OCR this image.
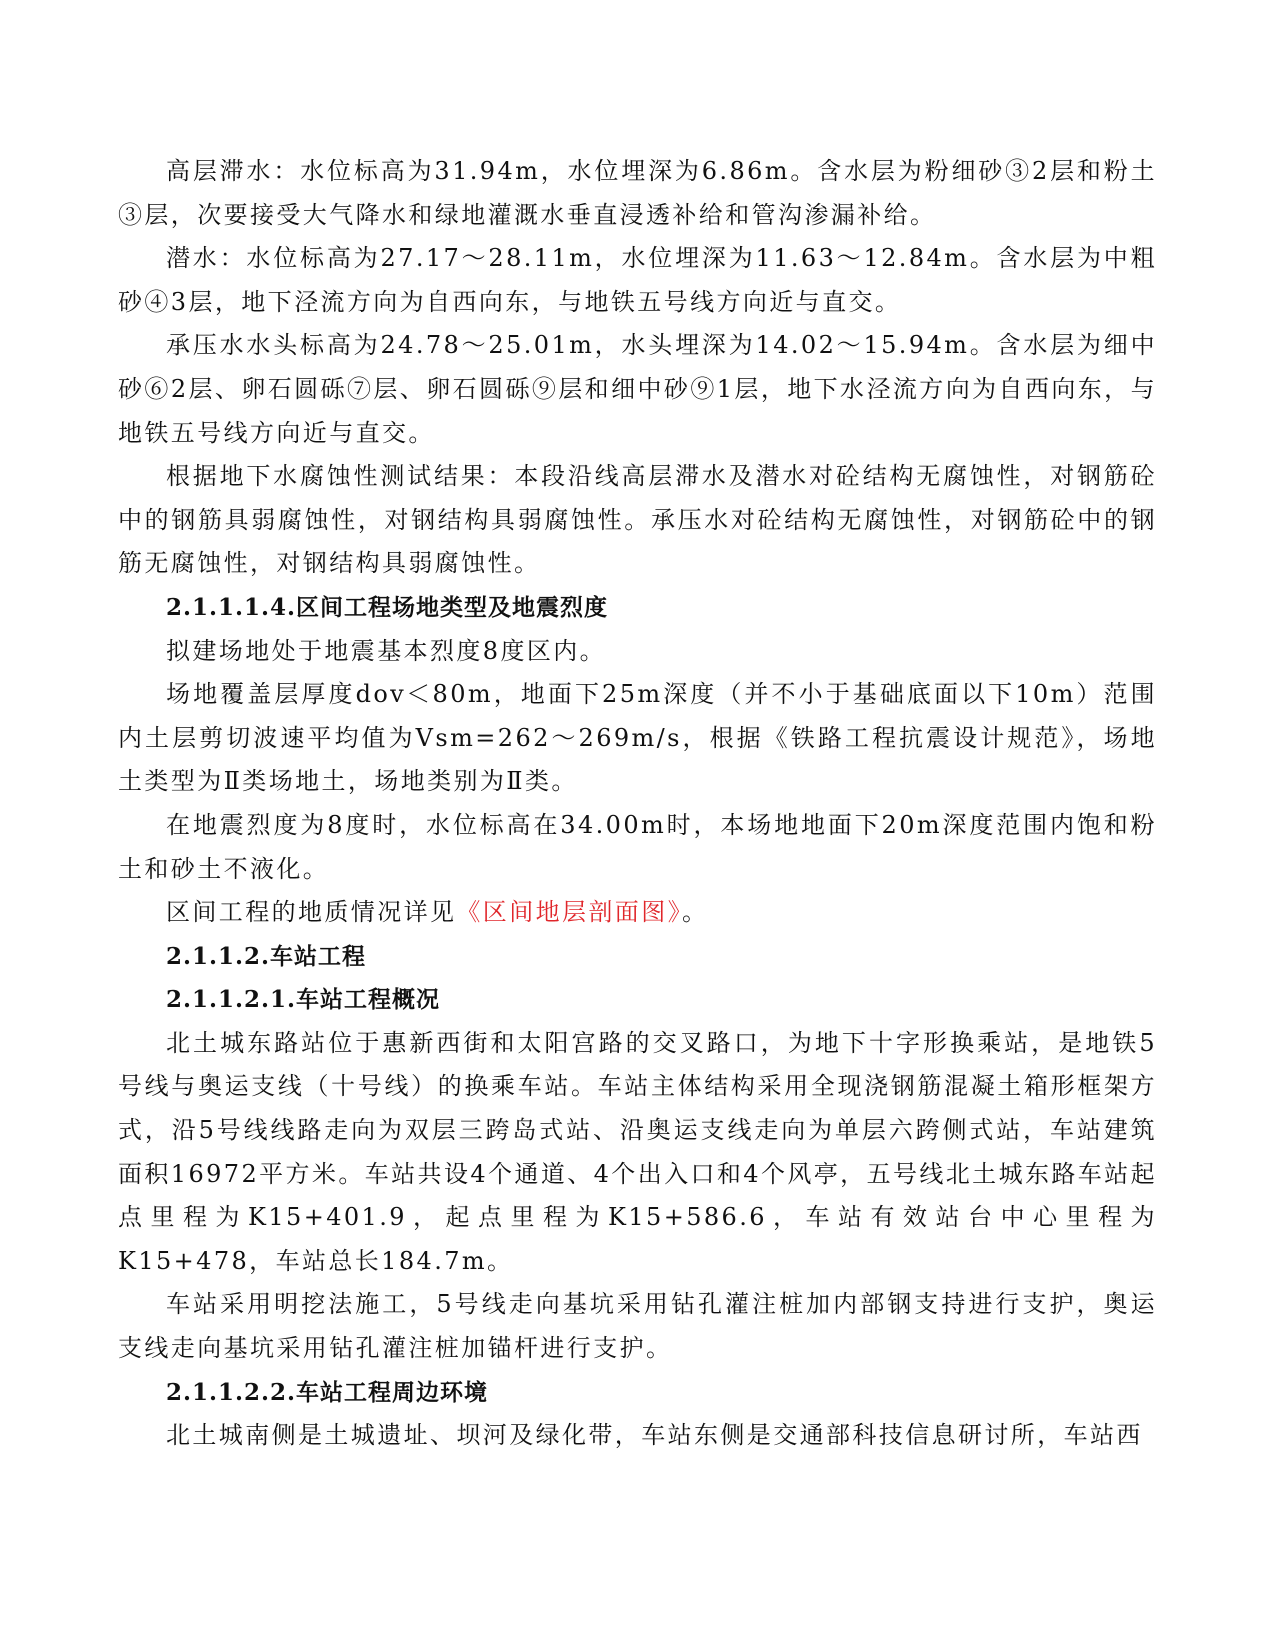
高层滞水：水位标高为31.94m，水位埋深为6.86m。含水层为粉细砂③2层和粉土③层，次要接受大气降水和绿地灌溉水垂直浸透补给和管沟渗漏补给。

潜水：水位标高为27.17～28.11m，水位埋深为11.63～12.84m。含水层为中粗砂④3层，地下泾流方向为自西向东，与地铁五号线方向近与直交。

承压水水头标高为24.78～25.01m，水头埋深为14.02～15.94m。含水层为细中砂⑥2层、卵石圆砾⑦层、卵石圆砾⑨层和细中砂⑨1层，地下水泾流方向为自西向东，与地铁五号线方向近与直交。

根据地下水腐蚀性测试结果：本段沿线高层滞水及潜水对砼结构无腐蚀性，对钢筋砼中的钢筋具弱腐蚀性，对钢结构具弱腐蚀性。承压水对砼结构无腐蚀性，对钢筋砼中的钢筋无腐蚀性，对钢结构具弱腐蚀性。

2.1.1.1.4.区间工程场地类型及地震烈度

拟建场地处于地震基本烈度8度区内。

场地覆盖层厚度dov＜80m，地面下25m深度（并不小于基础底面以下10m）范围内土层剪切波速平均值为Vsm=262～269m/s，根据《铁路工程抗震设计规范》，场地土类型为Ⅱ类场地土，场地类别为Ⅱ类。

在地震烈度为8度时，水位标高在34.00m时，本场地地面下20m深度范围内饱和粉土和砂土不液化。

区间工程的地质情况详见《区间地层剖面图》。

2.1.1.2.车站工程

2.1.1.2.1.车站工程概况

北土城东路站位于惠新西街和太阳宫路的交叉路口，为地下十字形换乘站，是地铁5号线与奥运支线（十号线）的换乘车站。车站主体结构采用全现浇钢筋混凝土箱形框架方式，沿5号线线路走向为双层三跨岛式站、沿奥运支线走向为单层六跨侧式站，车站建筑面积16972平方米。车站共设4个通道、4个出入口和4个风亭，五号线北土城东路车站起点里程为K15+401.9，起点里程为K15+586.6，车站有效站台中心里程为K15+478，车站总长184.7m。

车站采用明挖法施工，5号线走向基坑采用钻孔灌注桩加内部钢支持进行支护，奥运支线走向基坑采用钻孔灌注桩加锚杆进行支护。

2.1.1.2.2.车站工程周边环境

北土城南侧是土城遗址、坝河及绿化带，车站东侧是交通部科技信息研讨所，车站西
